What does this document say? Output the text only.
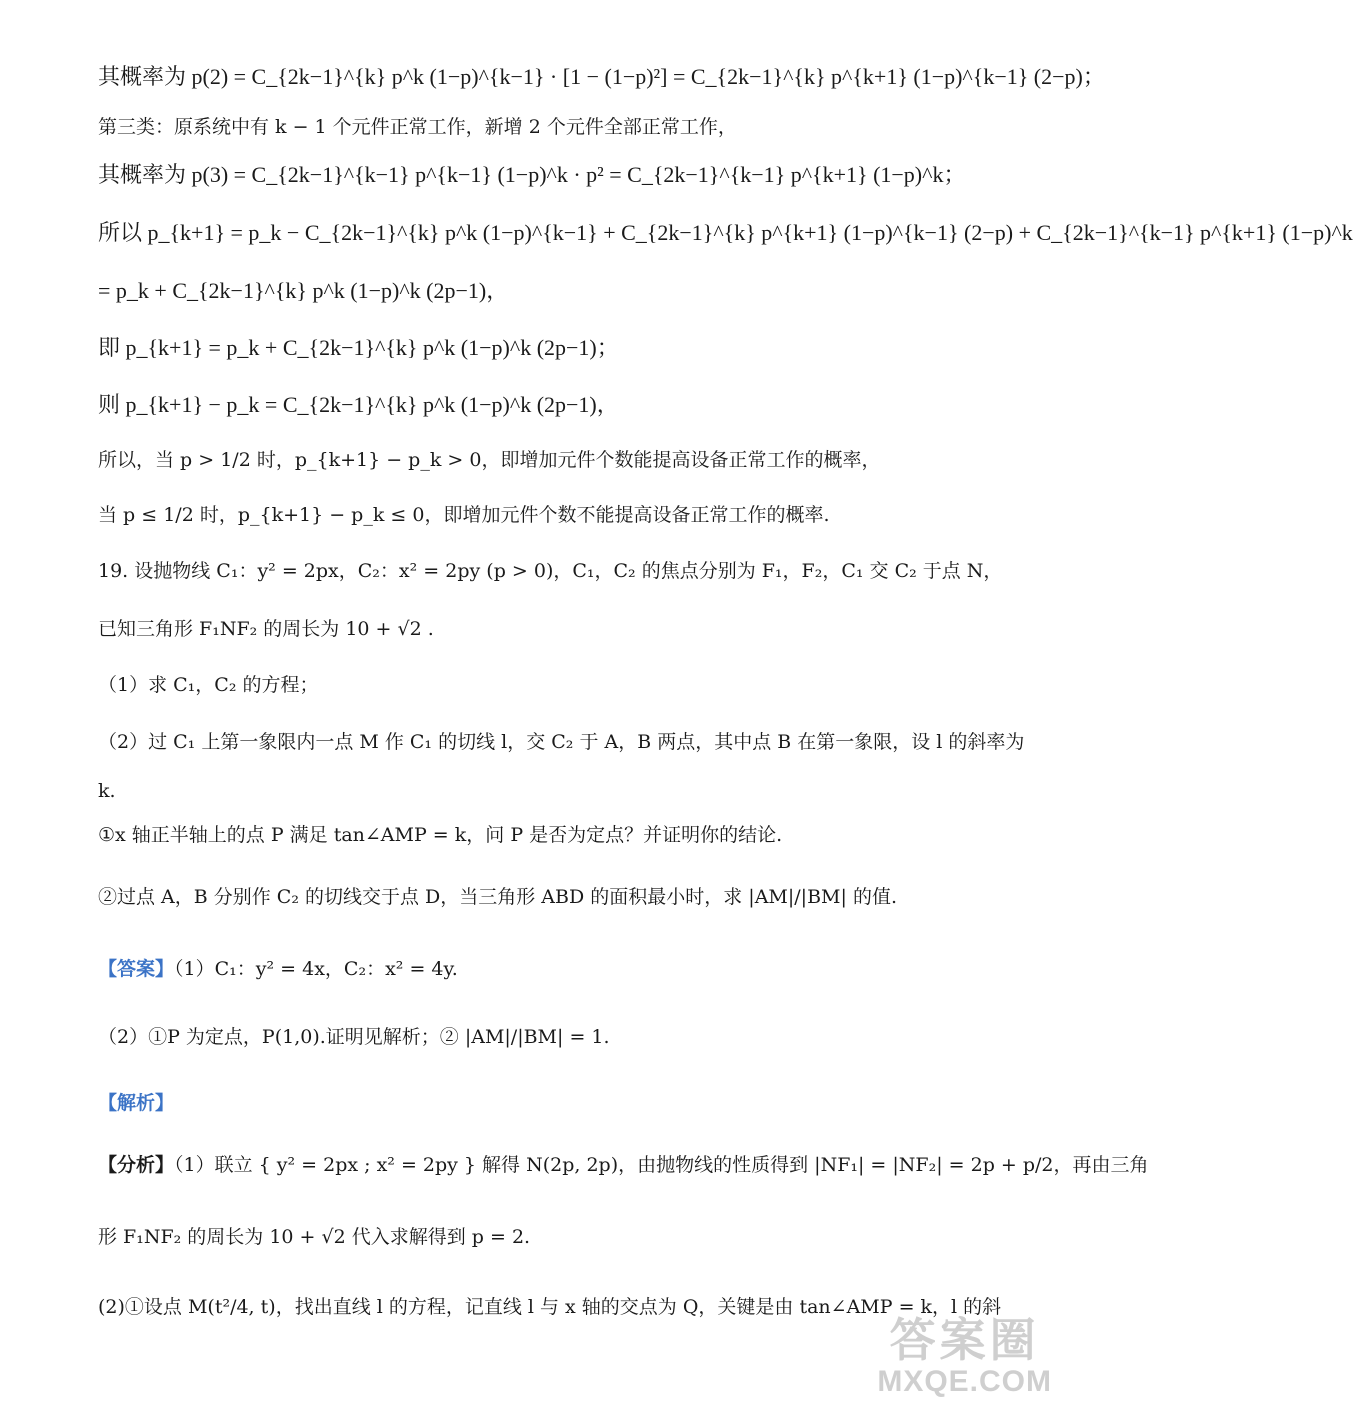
其概率为 p(2) = C_{2k−1}^{k} p^k (1−p)^{k−1} · [1 − (1−p)²] = C_{2k−1}^{k} p^{k+1} (1−p)^{k−1} (2−p)；
第三类：原系统中有 k − 1 个元件正常工作，新增 2 个元件全部正常工作，
其概率为 p(3) = C_{2k−1}^{k−1} p^{k−1} (1−p)^k · p² = C_{2k−1}^{k−1} p^{k+1} (1−p)^k；
所以 p_{k+1} = p_k − C_{2k−1}^{k} p^k (1−p)^{k−1} + C_{2k−1}^{k} p^{k+1} (1−p)^{k−1} (2−p) + C_{2k−1}^{k−1} p^{k+1} (1−p)^k
= p_k + C_{2k−1}^{k} p^k (1−p)^k (2p−1)，
即 p_{k+1} = p_k + C_{2k−1}^{k} p^k (1−p)^k (2p−1)；
则 p_{k+1} − p_k = C_{2k−1}^{k} p^k (1−p)^k (2p−1)，
所以，当 p > 1/2 时，p_{k+1} − p_k > 0，即增加元件个数能提高设备正常工作的概率，
当 p ≤ 1/2 时，p_{k+1} − p_k ≤ 0，即增加元件个数不能提高设备正常工作的概率.
19. 设抛物线 C₁：y² = 2px，C₂：x² = 2py (p > 0)，C₁，C₂ 的焦点分别为 F₁，F₂，C₁ 交 C₂ 于点 N，
已知三角形 F₁NF₂ 的周长为 10 + √2 .
（1）求 C₁，C₂ 的方程；
（2）过 C₁ 上第一象限内一点 M 作 C₁ 的切线 l，交 C₂ 于 A，B 两点，其中点 B 在第一象限，设 l 的斜率为
k.
①x 轴正半轴上的点 P 满足 tan∠AMP = k，问 P 是否为定点？并证明你的结论.
②过点 A，B 分别作 C₂ 的切线交于点 D，当三角形 ABD 的面积最小时，求 |AM|/|BM| 的值.
【答案】（1）C₁：y² = 4x，C₂：x² = 4y.
（2）①P 为定点，P(1,0).证明见解析；② |AM|/|BM| = 1.
【解析】
【分析】（1）联立 { y² = 2px ; x² = 2py } 解得 N(2p, 2p)，由抛物线的性质得到 |NF₁| = |NF₂| = 2p + p/2，再由三角
形 F₁NF₂ 的周长为 10 + √2 代入求解得到 p = 2.
(2)①设点 M(t²/4, t)，找出直线 l 的方程，记直线 l 与 x 轴的交点为 Q，关键是由 tan∠AMP = k，l 的斜
答案圈
MXQE.COM
